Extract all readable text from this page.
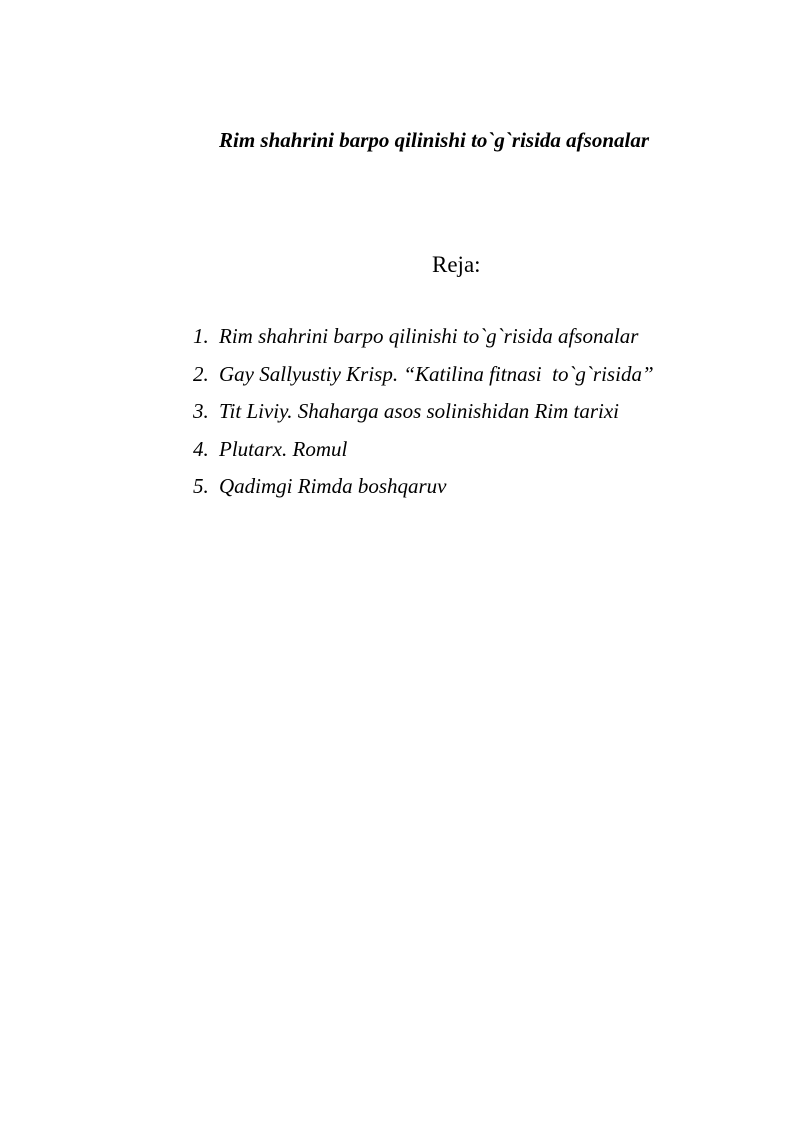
Rim shahrini barpo qilinishi to`g`risida afsonalar
Reja:
1. Rim shahrini barpo qilinishi to`g`risida afsonalar
2. Gay Sallyustiy Krisp. “Katilina fitnasi  to`g`risida”
3. Tit Liviy. Shaharga asos solinishidan Rim tarixi
4. Plutarx. Romul
5. Qadimgi Rimda boshqaruv
